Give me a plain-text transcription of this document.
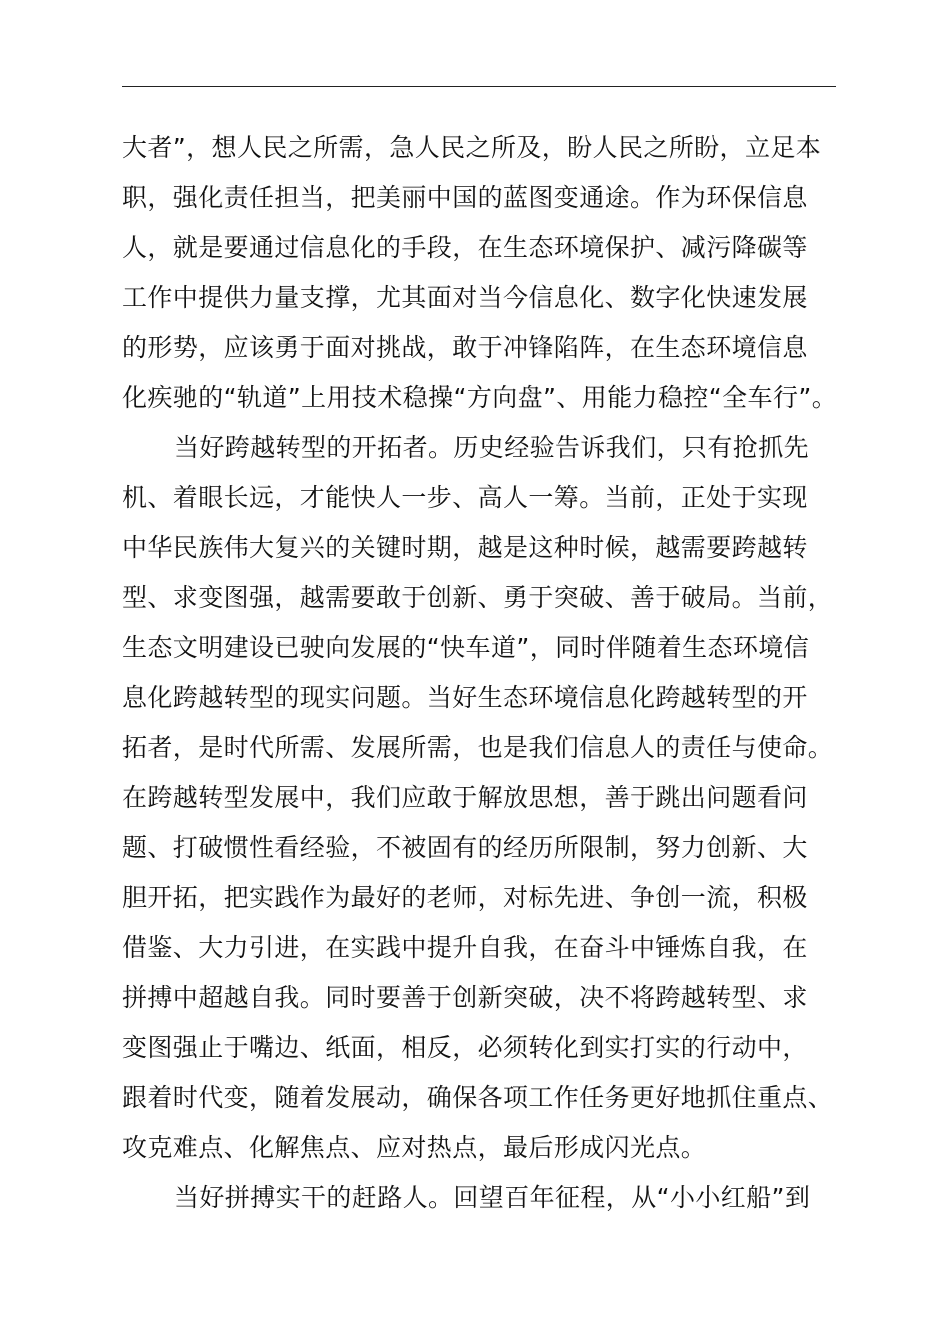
大者”，想人民之所需，急人民之所及，盼人民之所盼，立足本
职，强化责任担当，把美丽中国的蓝图变通途。作为环保信息
人，就是要通过信息化的手段，在生态环境保护、减污降碳等
工作中提供力量支撑，尤其面对当今信息化、数字化快速发展
的形势，应该勇于面对挑战，敢于冲锋陷阵，在生态环境信息
化疾驰的“轨道”上用技术稳操“方向盘”、用能力稳控“全车行”。
当好跨越转型的开拓者。历史经验告诉我们，只有抢抓先
机、着眼长远，才能快人一步、高人一筹。当前，正处于实现
中华民族伟大复兴的关键时期，越是这种时候，越需要跨越转
型、求变图强，越需要敢于创新、勇于突破、善于破局。当前，
生态文明建设已驶向发展的“快车道”，同时伴随着生态环境信
息化跨越转型的现实问题。当好生态环境信息化跨越转型的开
拓者，是时代所需、发展所需，也是我们信息人的责任与使命。
在跨越转型发展中，我们应敢于解放思想，善于跳出问题看问
题、打破惯性看经验，不被固有的经历所限制，努力创新、大
胆开拓，把实践作为最好的老师，对标先进、争创一流，积极
借鉴、大力引进，在实践中提升自我，在奋斗中锤炼自我，在
拼搏中超越自我。同时要善于创新突破，决不将跨越转型、求
变图强止于嘴边、纸面，相反，必须转化到实打实的行动中，
跟着时代变，随着发展动，确保各项工作任务更好地抓住重点、
攻克难点、化解焦点、应对热点，最后形成闪光点。
当好拼搏实干的赶路人。回望百年征程，从“小小红船”到
